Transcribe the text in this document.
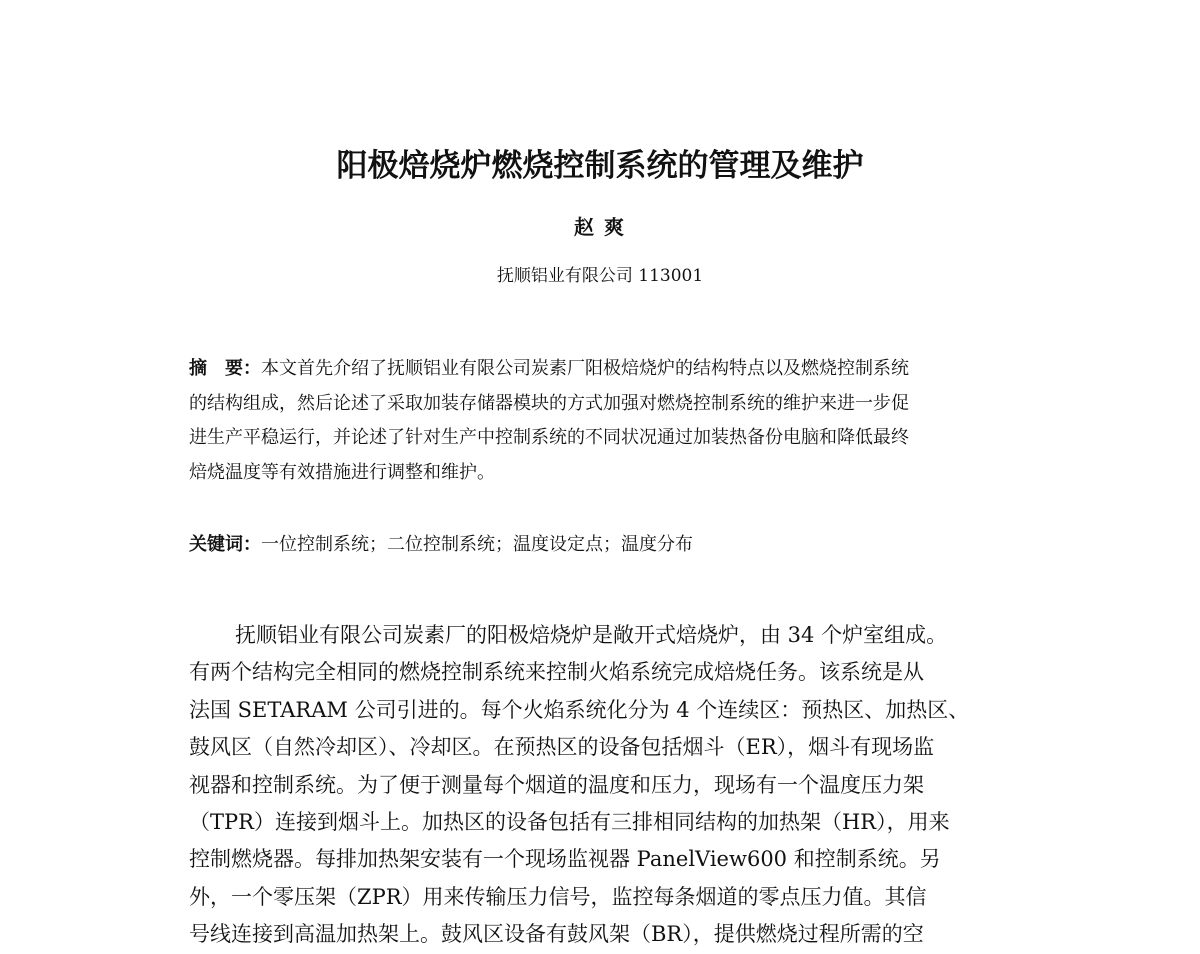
阳极焙烧炉燃烧控制系统的管理及维护
赵爽
抚顺铝业有限公司 113001
摘　要：本文首先介绍了抚顺铝业有限公司炭素厂阳极焙烧炉的结构特点以及燃烧控制系统
的结构组成，然后论述了采取加装存储器模块的方式加强对燃烧控制系统的维护来进一步促
进生产平稳运行，并论述了针对生产中控制系统的不同状况通过加装热备份电脑和降低最终
焙烧温度等有效措施进行调整和维护。
关键词：一位控制系统；二位控制系统；温度设定点；温度分布
抚顺铝业有限公司炭素厂的阳极焙烧炉是敞开式焙烧炉，由 34 个炉室组成。
有两个结构完全相同的燃烧控制系统来控制火焰系统完成焙烧任务。该系统是从
法国 SETARAM 公司引进的。每个火焰系统化分为 4 个连续区：预热区、加热区、
鼓风区（自然冷却区）、冷却区。在预热区的设备包括烟斗（ER），烟斗有现场监
视器和控制系统。为了便于测量每个烟道的温度和压力，现场有一个温度压力架
（TPR）连接到烟斗上。加热区的设备包括有三排相同结构的加热架（HR），用来
控制燃烧器。每排加热架安装有一个现场监视器 PanelView600 和控制系统。另
外，一个零压架（ZPR）用来传输压力信号，监控每条烟道的零点压力值。其信
号线连接到高温加热架上。鼓风区设备有鼓风架（BR），提供燃烧过程所需的空
